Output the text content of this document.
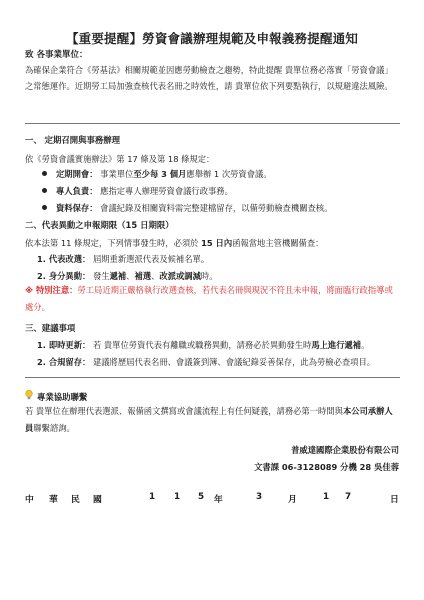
【重要提醒】勞資會議辦理規範及申報義務提醒通知
致 各事業單位：
為確保企業符合《勞基法》相關規範並因應勞動檢查之趨勢，特此提醒 貴單位務必落實「勞資會議」之常態運作。近期勞工局加強查核代表名冊之時效性，請 貴單位依下列要點執行，以規避違法風險。
一、 定期召開與事務辦理
依《勞資會議實施辦法》第 17 條及第 18 條規定：
定期開會： 事業單位至少每 3 個月應舉辦 1 次勞資會議。
專人負責： 應指定專人辦理勞資會議行政事務。
資料保存： 會議紀錄及相關資料需完整建檔留存，以備勞動檢查機關查核。
二、代表異動之申報期限（15 日期限）
依本法第 11 條規定，下列情事發生時，必須於 15 日內函報當地主管機關備查：
1. 代表改選： 屆期重新選派代表及候補名單。
2. 身分異動： 發生遞補、補選、改派或調減時。
※ 特別注意：勞工局近期正嚴格執行改選查核，若代表名冊與現況不符且未申報，將面臨行政指導或處分。
三、建議事項
1. 即時更新： 若 貴單位勞資代表有離職或職務異動，請務必於異動發生時馬上進行遞補。
2. 合規留存： 建議將歷屆代表名冊、會議簽到簿、會議紀錄妥善保存，此為勞檢必查項目。
專業協助聯繫
若 貴單位在辦理代表選派、報備函文撰寫或會議流程上有任何疑義，請務必第一時間與本公司承辦人員聯繫諮詢。
普威達國際企業股份有限公司
文書課 06-3128089 分機 28 吳佳蓉
中 華 民 國	1 1 5 年	3	月	1 7	日
